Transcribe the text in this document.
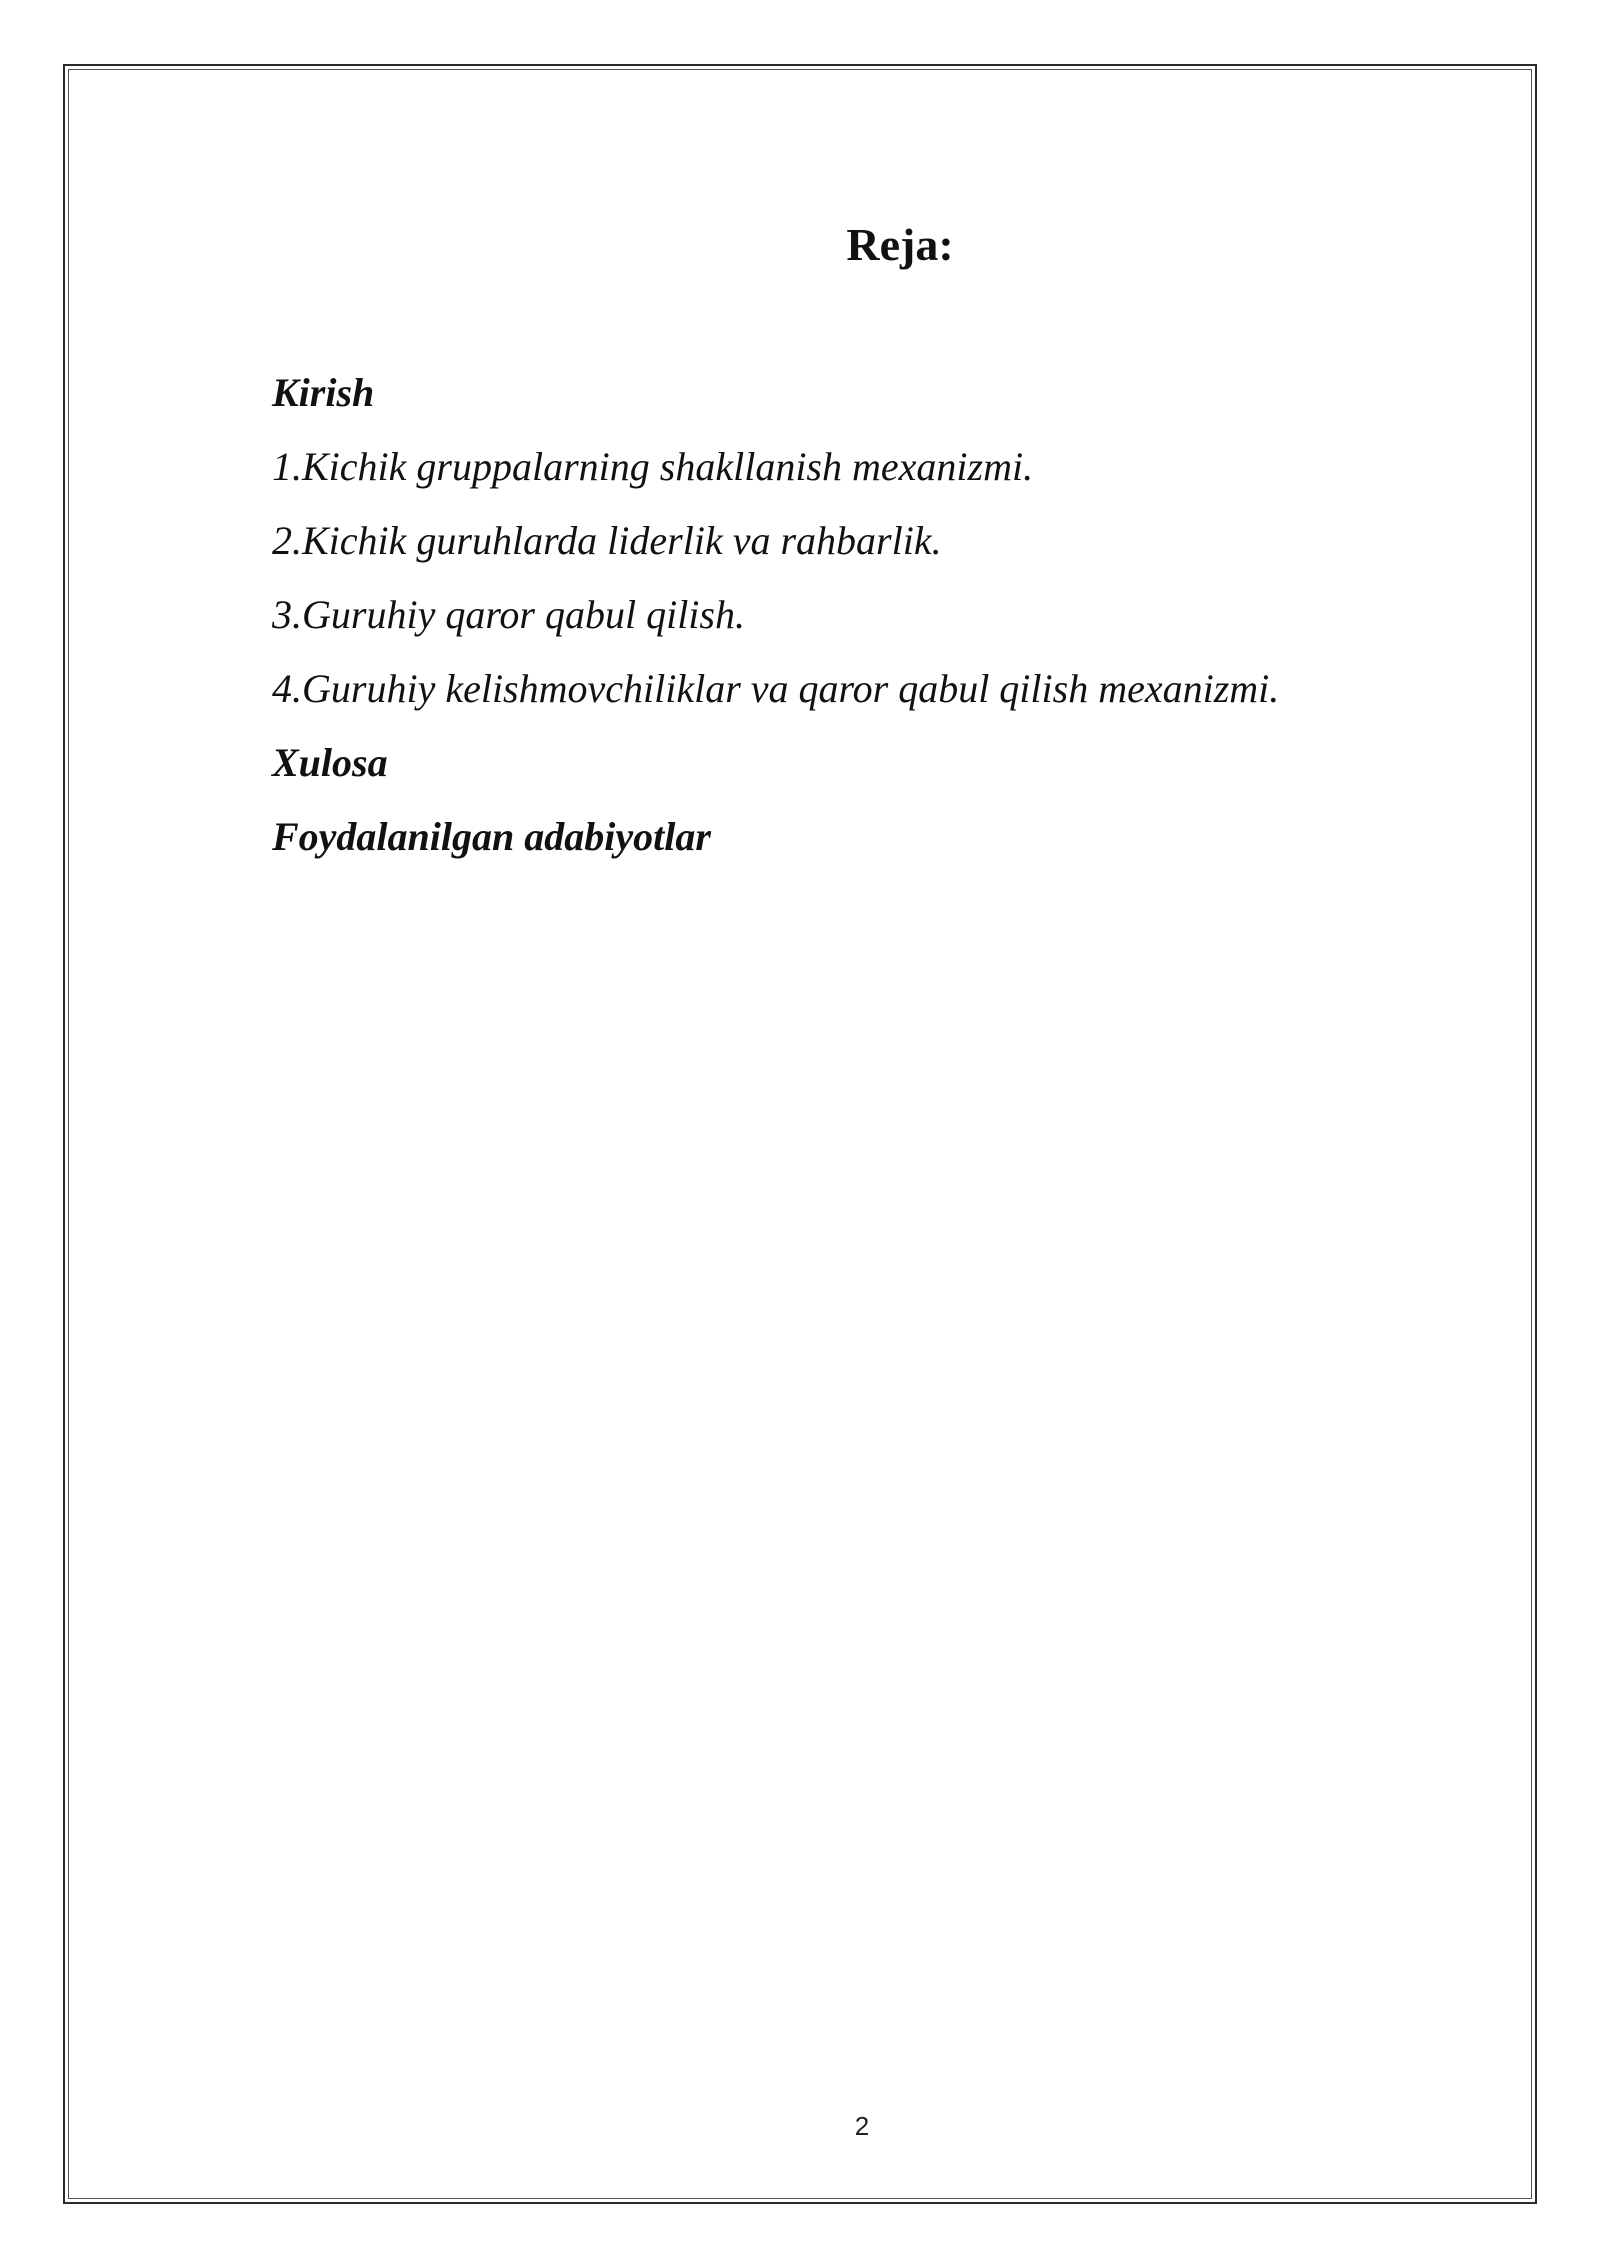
Reja:
Kirish
1.Kichik gruppalarning shakllanish mexanizmi.
2.Kichik guruhlarda liderlik va rahbarlik.
3.Guruhiy qaror qabul qilish.
4.Guruhiy kelishmovchiliklar va qaror qabul qilish mexanizmi.
Xulosa
Foydalanilgan adabiyotlar
2
